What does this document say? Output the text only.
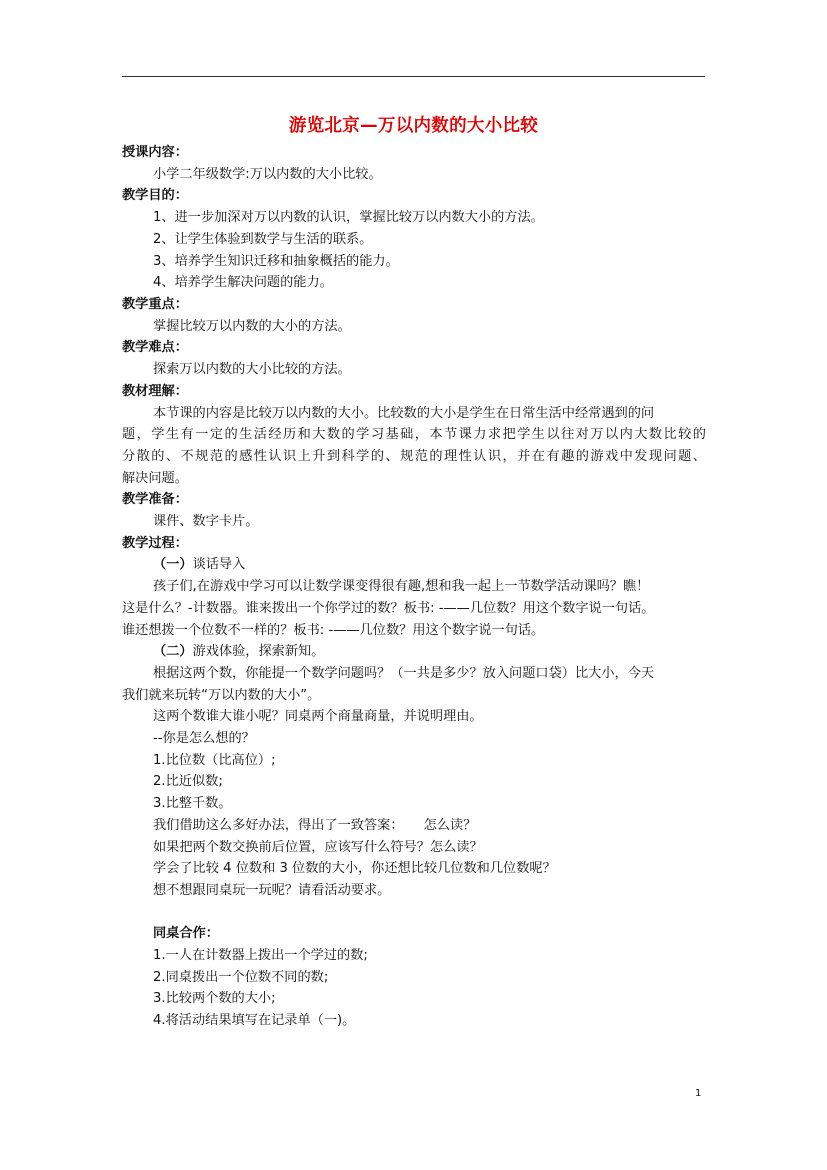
游览北京—万以内数的大小比较
授课内容：
小学二年级数学:万以内数的大小比较。
教学目的：
1、进一步加深对万以内数的认识，掌握比较万以内数大小的方法。
2、让学生体验到数学与生活的联系。
3、培养学生知识迁移和抽象概括的能力。
4、培养学生解决问题的能力。
教学重点：
掌握比较万以内数的大小的方法。
教学难点：
探索万以内数的大小比较的方法。
教材理解：
本节课的内容是比较万以内数的大小。比较数的大小是学生在日常生活中经常遇到的问
题，学生有一定的生活经历和大数的学习基础，本节课力求把学生以往对万以内大数比较的
分散的、不规范的感性认识上升到科学的、规范的理性认识，并在有趣的游戏中发现问题、
解决问题。
教学准备：
课件、数字卡片。
教学过程：
（一）谈话导入
孩子们,在游戏中学习可以让数学课变得很有趣,想和我一起上一节数学活动课吗？瞧！
这是什么？-计数器。谁来拨出一个你学过的数？板书: -——几位数？用这个数字说一句话。
谁还想拨一个位数不一样的？板书: -——几位数？用这个数字说一句话。
（二）游戏体验，探索新知。
根据这两个数，你能提一个数学问题吗？（一共是多少？放入问题口袋）比大小，今天
我们就来玩转“万以内数的大小”。
这两个数谁大谁小呢？同桌两个商量商量，并说明理由。
--你是怎么想的？
1.比位数（比高位）;
2.比近似数;
3.比整千数。
我们借助这么多好办法，得出了一致答案： 怎么读？
如果把两个数交换前后位置，应该写什么符号？怎么读？
学会了比较 4 位数和 3 位数的大小，你还想比较几位数和几位数呢？
想不想跟同桌玩一玩呢？请看活动要求。
同桌合作：
1.一人在计数器上拨出一个学过的数;
2.同桌拨出一个位数不同的数;
3.比较两个数的大小;
4.将活动结果填写在记录单（一)。
1
